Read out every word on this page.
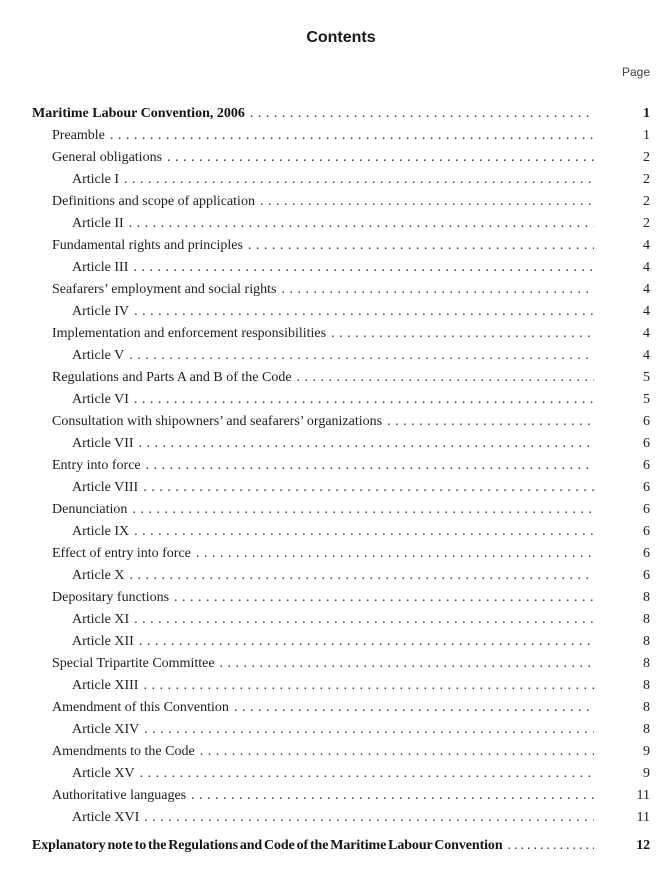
Contents
Page
Maritime Labour Convention, 2006 . . .	1
Preamble . . .	1
General obligations . . .	2
Article I . . .	2
Definitions and scope of application . . .	2
Article II . . .	2
Fundamental rights and principles . . .	4
Article III . . .	4
Seafarers’ employment and social rights . . .	4
Article IV . . .	4
Implementation and enforcement responsibilities . . .	4
Article V . . .	4
Regulations and Parts A and B of the Code . . .	5
Article VI . . .	5
Consultation with shipowners’ and seafarers’ organizations . . .	6
Article VII . . .	6
Entry into force . . .	6
Article VIII . . .	6
Denunciation . . .	6
Article IX . . .	6
Effect of entry into force . . .	6
Article X . . .	6
Depositary functions . . .	8
Article XI . . .	8
Article XII . . .	8
Special Tripartite Committee . . .	8
Article XIII . . .	8
Amendment of this Convention . . .	8
Article XIV . . .	8
Amendments to the Code . . .	9
Article XV . . .	9
Authoritative languages . . .	11
Article XVI . . .	11
Explanatory note to the Regulations and Code of the Maritime Labour Convention . . .	12
